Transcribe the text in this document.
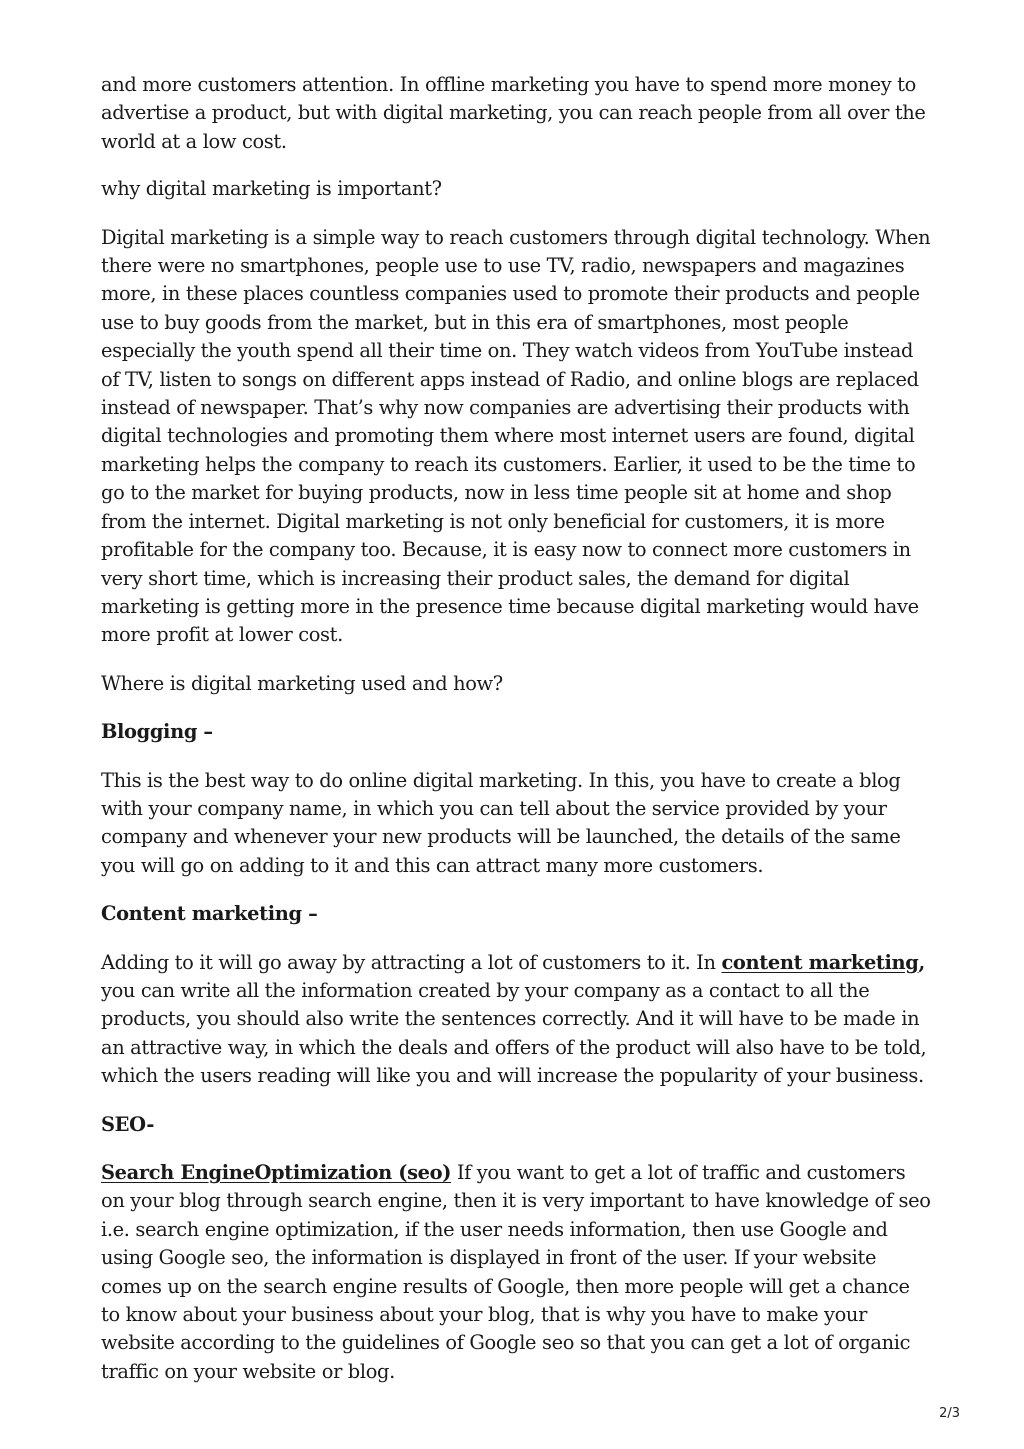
and more customers attention. In offline marketing you have to spend more money to advertise a product, but with digital marketing, you can reach people from all over the world at a low cost.

why digital marketing is important?

Digital marketing is a simple way to reach customers through digital technology. When there were no smartphones, people use to use TV, radio, newspapers and magazines more, in these places countless companies used to promote their products and people use to buy goods from the market, but in this era of smartphones, most people especially the youth spend all their time on. They watch videos from YouTube instead of TV, listen to songs on different apps instead of Radio, and online blogs are replaced instead of newspaper. That’s why now companies are advertising their products with digital technologies and promoting them where most internet users are found, digital marketing helps the company to reach its customers. Earlier, it used to be the time to go to the market for buying products, now in less time people sit at home and shop from the internet. Digital marketing is not only beneficial for customers, it is more profitable for the company too. Because, it is easy now to connect more customers in very short time, which is increasing their product sales, the demand for digital marketing is getting more in the presence time because digital marketing would have more profit at lower cost.

Where is digital marketing used and how?

Blogging –

This is the best way to do online digital marketing. In this, you have to create a blog with your company name, in which you can tell about the service provided by your company and whenever your new products will be launched, the details of the same you will go on adding to it and this can attract many more customers.

Content marketing –

Adding to it will go away by attracting a lot of customers to it. In content marketing, you can write all the information created by your company as a contact to all the products, you should also write the sentences correctly. And it will have to be made in an attractive way, in which the deals and offers of the product will also have to be told, which the users reading will like you and will increase the popularity of your business.

SEO-

Search EngineOptimization (seo) If you want to get a lot of traffic and customers on your blog through search engine, then it is very important to have knowledge of seo i.e. search engine optimization, if the user needs information, then use Google and using Google seo, the information is displayed in front of the user. If your website comes up on the search engine results of Google, then more people will get a chance to know about your business about your blog, that is why you have to make your website according to the guidelines of Google seo so that you can get a lot of organic traffic on your website or blog.

2/3
